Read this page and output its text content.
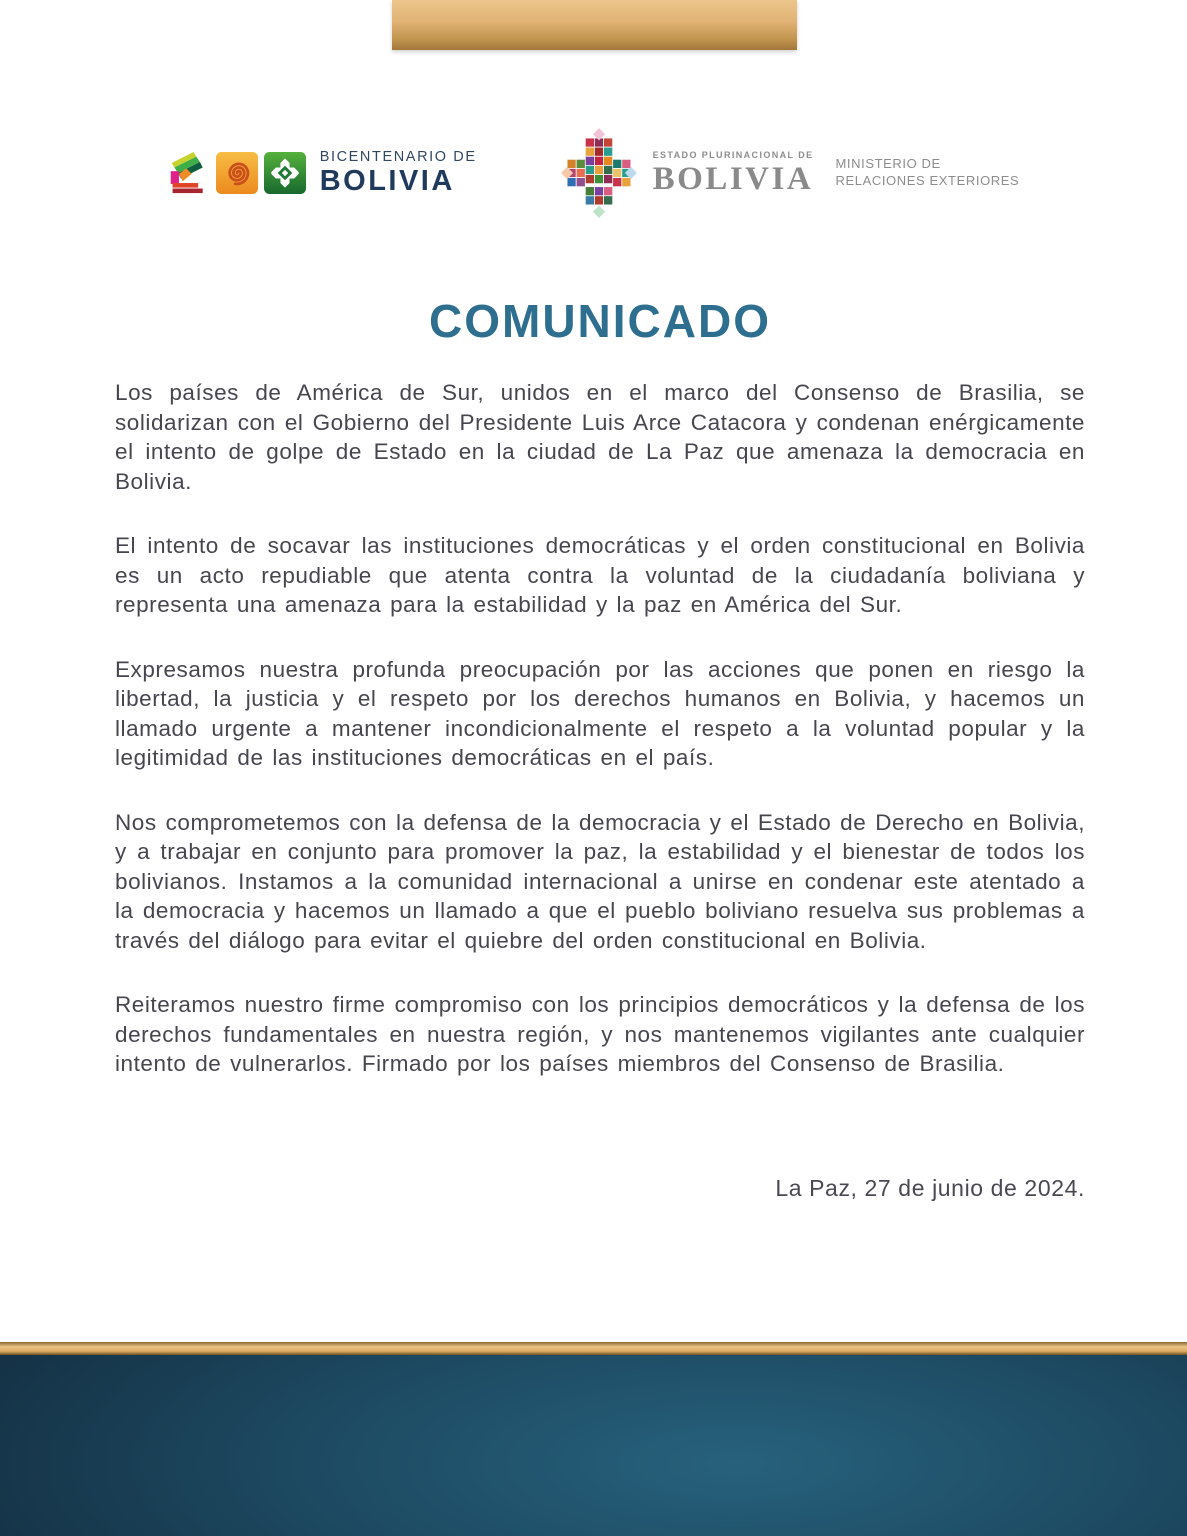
BICENTENARIO DE
BOLIVIA
ESTADO PLURINACIONAL DE
BOLIVIA MINISTERIO DE
RELACIONES EXTERIORES
COMUNICADO

Los países de América de Sur, unidos en el marco del Consenso de Brasilia, se solidarizan con el Gobierno del Presidente Luis Arce Catacora y condenan enérgicamente el intento de golpe de Estado en la ciudad de La Paz que amenaza la democracia en Bolivia.

El intento de socavar las instituciones democráticas y el orden constitucional en Bolivia es un acto repudiable que atenta contra la voluntad de la ciudadanía boliviana y representa una amenaza para la estabilidad y la paz en América del Sur.

Expresamos nuestra profunda preocupación por las acciones que ponen en riesgo la libertad, la justicia y el respeto por los derechos humanos en Bolivia, y hacemos un llamado urgente a mantener incondicionalmente el respeto a la voluntad popular y la legitimidad de las instituciones democráticas en el país.

Nos comprometemos con la defensa de la democracia y el Estado de Derecho en Bolivia, y a trabajar en conjunto para promover la paz, la estabilidad y el bienestar de todos los bolivianos. Instamos a la comunidad internacional a unirse en condenar este atentado a la democracia y hacemos un llamado a que el pueblo boliviano resuelva sus problemas a través del diálogo para evitar el quiebre del orden constitucional en Bolivia.

Reiteramos nuestro firme compromiso con los principios democráticos y la defensa de los derechos fundamentales en nuestra región, y nos mantenemos vigilantes ante cualquier intento de vulnerarlos. Firmado por los países miembros del Consenso de Brasilia.

La Paz, 27 de junio de 2024.
